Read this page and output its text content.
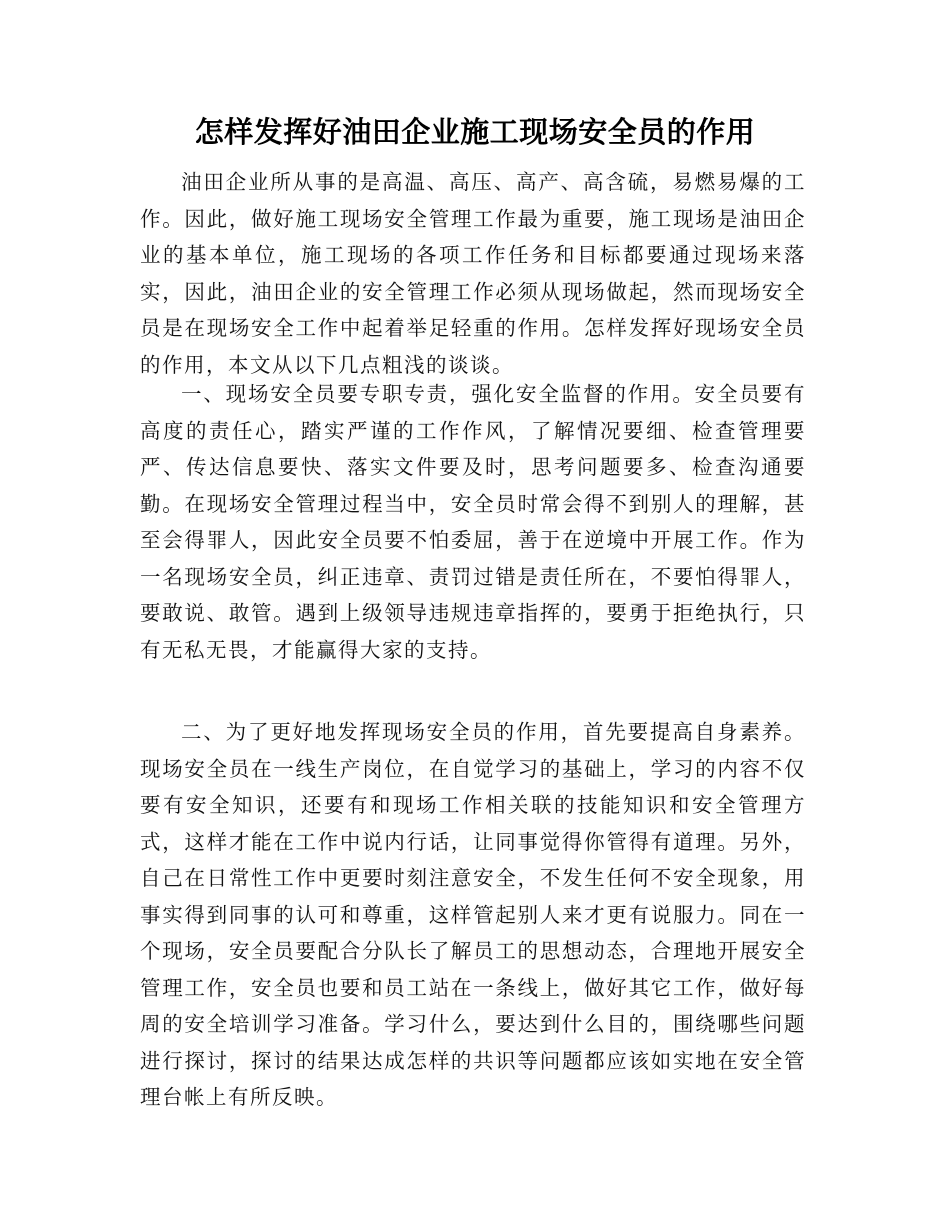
怎样发挥好油田企业施工现场安全员的作用

油田企业所从事的是高温、高压、高产、高含硫，易燃易爆的工作。因此，做好施工现场安全管理工作最为重要，施工现场是油田企业的基本单位，施工现场的各项工作任务和目标都要通过现场来落实，因此，油田企业的安全管理工作必须从现场做起，然而现场安全员是在现场安全工作中起着举足轻重的作用。怎样发挥好现场安全员的作用，本文从以下几点粗浅的谈谈。

一、现场安全员要专职专责，强化安全监督的作用。安全员要有高度的责任心，踏实严谨的工作作风，了解情况要细、检查管理要严、传达信息要快、落实文件要及时，思考问题要多、检查沟通要勤。在现场安全管理过程当中，安全员时常会得不到别人的理解，甚至会得罪人，因此安全员要不怕委屈，善于在逆境中开展工作。作为一名现场安全员，纠正违章、责罚过错是责任所在，不要怕得罪人，要敢说、敢管。遇到上级领导违规违章指挥的，要勇于拒绝执行，只有无私无畏，才能赢得大家的支持。

二、为了更好地发挥现场安全员的作用，首先要提高自身素养。现场安全员在一线生产岗位，在自觉学习的基础上，学习的内容不仅要有安全知识，还要有和现场工作相关联的技能知识和安全管理方式，这样才能在工作中说内行话，让同事觉得你管得有道理。另外，自己在日常性工作中更要时刻注意安全，不发生任何不安全现象，用事实得到同事的认可和尊重，这样管起别人来才更有说服力。同在一个现场，安全员要配合分队长了解员工的思想动态，合理地开展安全管理工作，安全员也要和员工站在一条线上，做好其它工作，做好每周的安全培训学习准备。学习什么，要达到什么目的，围绕哪些问题进行探讨，探讨的结果达成怎样的共识等问题都应该如实地在安全管理台帐上有所反映。
